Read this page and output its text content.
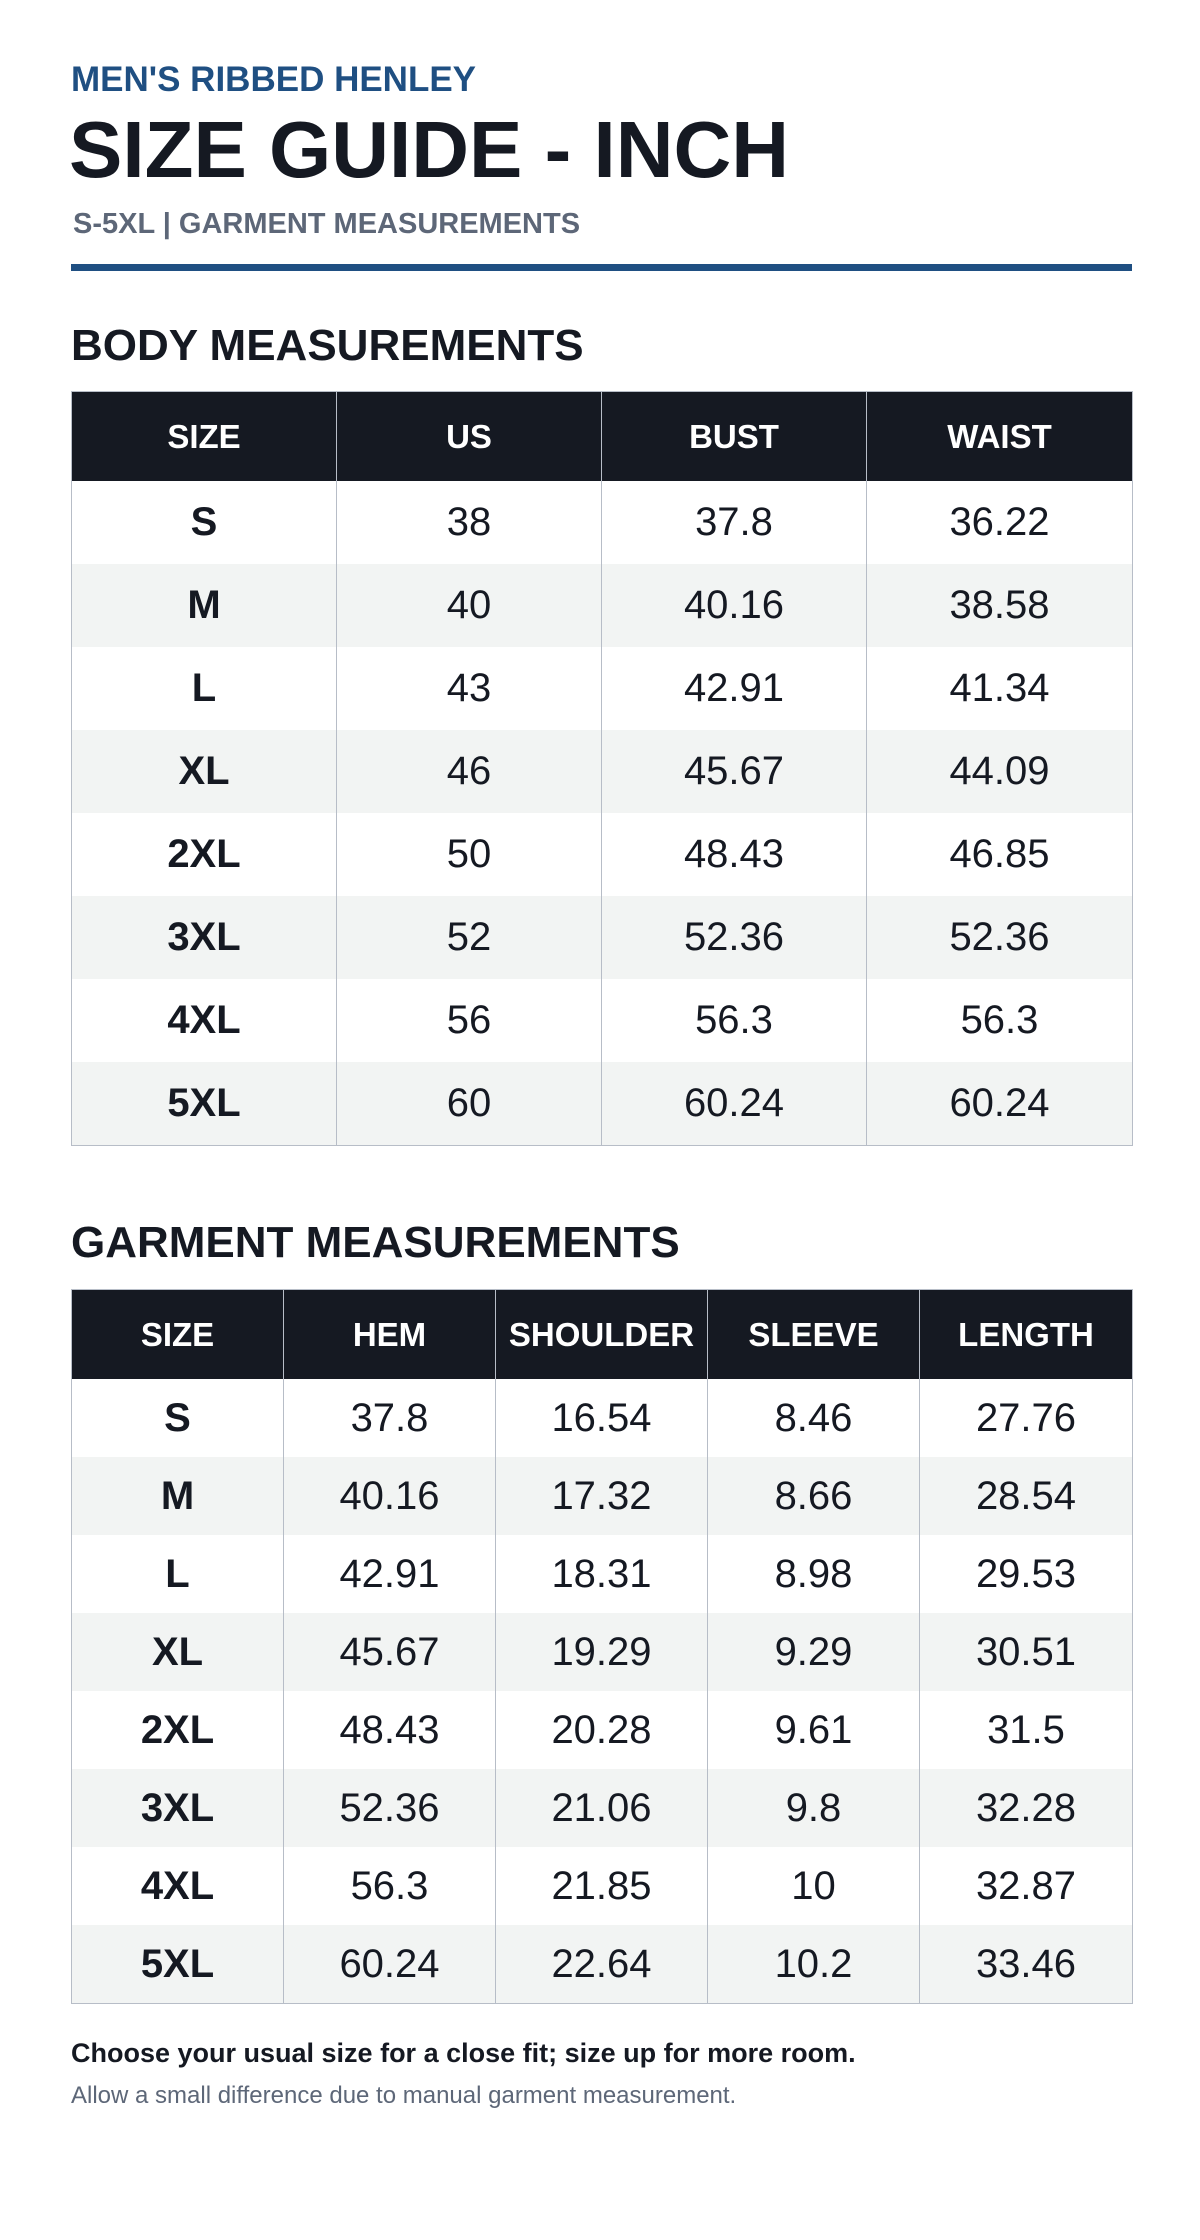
MEN'S RIBBED HENLEY
SIZE GUIDE - INCH
S-5XL | GARMENT MEASUREMENTS
BODY MEASUREMENTS
SIZE	US	BUST	WAIST
S	38	37.8	36.22
M	40	40.16	38.58
L	43	42.91	41.34
XL	46	45.67	44.09
2XL	50	48.43	46.85
3XL	52	52.36	52.36
4XL	56	56.3	56.3
5XL	60	60.24	60.24
GARMENT MEASUREMENTS
SIZE	HEM	SHOULDER	SLEEVE	LENGTH
S	37.8	16.54	8.46	27.76
M	40.16	17.32	8.66	28.54
L	42.91	18.31	8.98	29.53
XL	45.67	19.29	9.29	30.51
2XL	48.43	20.28	9.61	31.5
3XL	52.36	21.06	9.8	32.28
4XL	56.3	21.85	10	32.87
5XL	60.24	22.64	10.2	33.46
Choose your usual size for a close fit; size up for more room.
Allow a small difference due to manual garment measurement.
